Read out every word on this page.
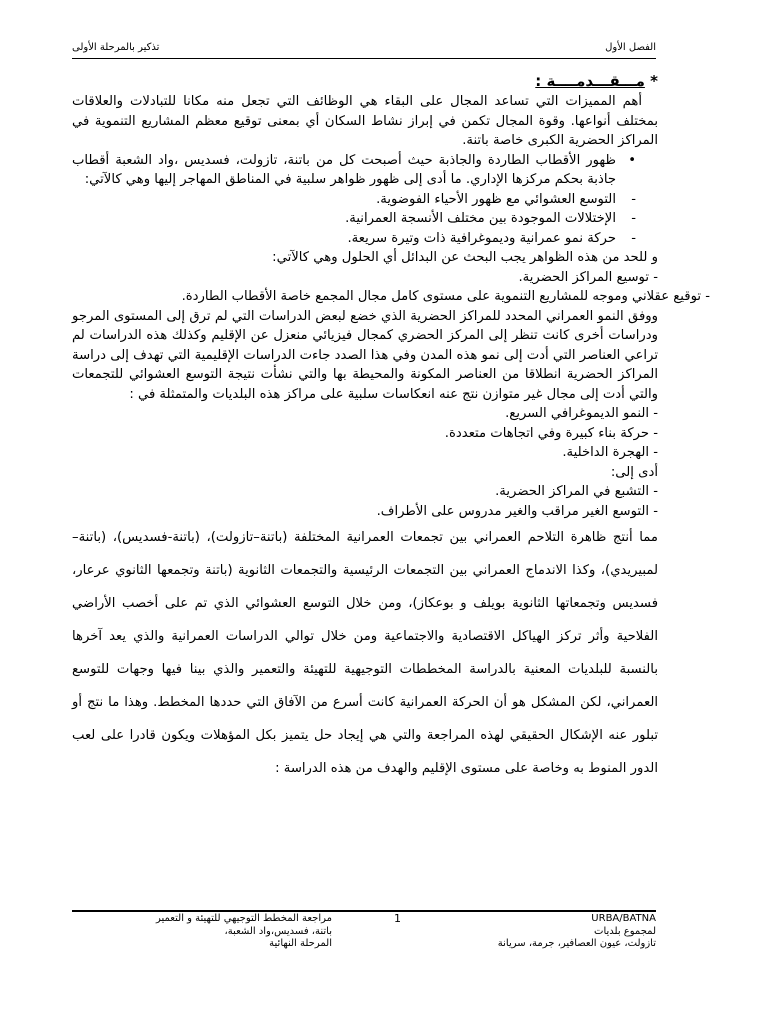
الفصل الأول
تذكير بالمرحلة الأولى
* مـــقـــدمــــة :

أهم المميزات التي تساعد المجال على البقاء هي الوظائف التي تجعل منه مكانا للتبادلات والعلاقات بمختلف أنواعها. وقوة المجال تكمن في إبراز نشاط السكان أي بمعنى توقيع معظم المشاريع التنموية في المراكز الحضرية الكبرى خاصة باتنة.

•
ظهور الأقطاب الطاردة والجاذبة حيث أصبحت كل من باتنة، تازولت، فسديس ،واد الشعبة أقطاب جاذبة بحكم مركزها الإداري. ما أدى إلى ظهور ظواهر سلبية في المناطق المهاجر إليها وهي كالآتي:
-
التوسع العشوائي مع ظهور الأحياء الفوضوية.
-
الإختلالات الموجودة بين مختلف الأنسجة العمرانية.
-
حركة نمو عمرانية وديموغرافية ذات وتيرة سريعة.

و للحد من هذه الظواهر يجب البحث عن البدائل أي الحلول وهي كالآتي:

- توسيع المراكز الحضرية.

- توقيع عقلاني وموجه للمشاريع التنموية على مستوى كامل مجال المجمع خاصة الأقطاب الطاردة.

ووفق النمو العمراني المحدد للمراكز الحضرية الذي خضع لبعض الدراسات التي لم ترق إلى المستوى المرجو ودراسات أخرى كانت تنظر إلى المركز الحضري كمجال فيزيائي منعزل عن الإقليم وكذلك هذه الدراسات لم تراعي العناصر التي أدت إلى نمو هذه المدن وفي هذا الصدد جاءت الدراسات الإقليمية التي تهدف إلى دراسة المراكز الحضرية انطلاقا من العناصر المكونة والمحيطة بها والتي نشأت نتيجة التوسع العشوائي للتجمعات والتي أدت إلى مجال غير متوازن نتج عنه انعكاسات سلبية على مراكز هذه البلديات والمتمثلة في :

- النمو الديموغرافي السريع.

- حركة بناء كبيرة وفي اتجاهات متعددة.

- الهجرة الداخلية.

أدى إلى:

- التشبع في المراكز الحضرية.

- التوسع الغير مراقب والغير مدروس على الأطراف.

مما أنتج ظاهرة التلاحم العمراني بين تجمعات العمرانية المختلفة (باتنة–تازولت)، (باتنة-فسديس)، (باتنة–لمبيريدي)، وكذا الاندماج العمراني بين التجمعات الرئيسية والتجمعات الثانوية (باتنة وتجمعها الثانوي عرعار، فسديس وتجمعاتها الثانوية بويلف و بوعكاز)، ومن خلال التوسع العشوائي الذي تم على أخصب الأراضي الفلاحية وأثر تركز الهياكل الاقتصادية والاجتماعية ومن خلال توالي الدراسات العمرانية والذي يعد آخرها بالنسبة للبلديات المعنية بالدراسة المخططات التوجيهية للتهيئة والتعمير والذي بينا فيها وجهات للتوسع العمراني، لكن المشكل هو أن الحركة العمرانية كانت أسرع من الآفاق التي حددها المخطط. وهذا ما نتج أو تبلور عنه الإشكال الحقيقي لهذه المراجعة والتي هي إيجاد حل يتميز بكل المؤهلات ويكون قادرا على لعب الدور المنوط به وخاصة على مستوى الإقليم والهدف من هذه الدراسة :

URBA/BATNA
لمجموع بلديات
تازولت، عيون العصافير، جرمة، سريانة
1
مراجعة المخطط التوجيهي للتهيئة و التعمير
باتنة، فسديس،واد الشعبة،
المرحلة النهائية
